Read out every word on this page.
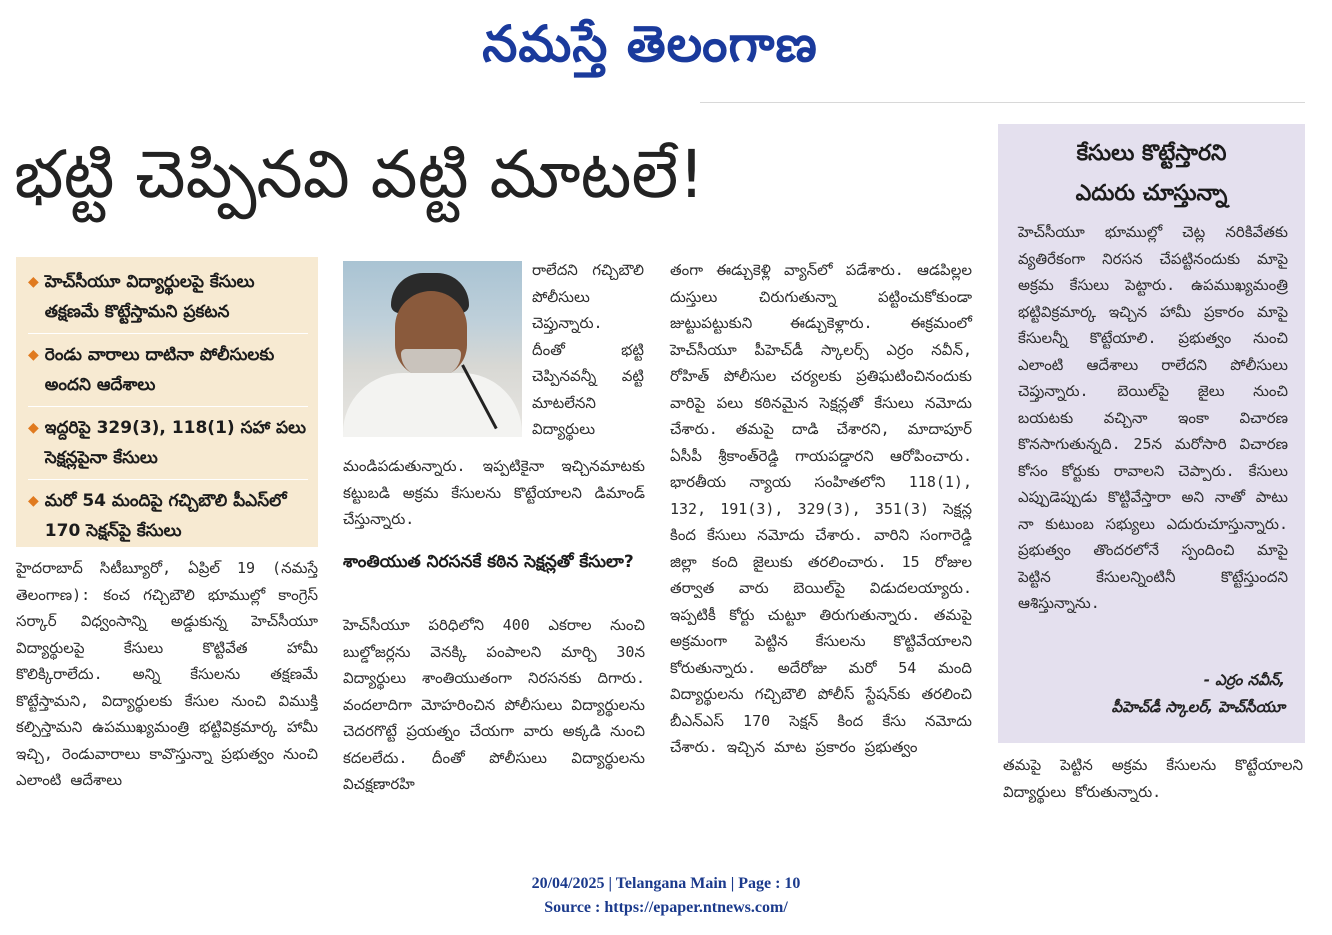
నమస్తే తెలంగాణ
భట్టి చెప్పినవి వట్టి మాటలే!
◆ హెచ్‌సీయూ విద్యార్థులపై కేసులు తక్షణమే కొట్టేస్తామని ప్రకటన
◆ రెండు వారాలు దాటినా పోలీసులకు అందని ఆదేశాలు
◆ ఇద్దరిపై 329(3), 118(1) సహా పలు సెక్షన్లపైనా కేసులు
◆ మరో 54 మందిపై గచ్చిబౌలి పీఎస్‌లో 170 సెక్షన్‌పై కేసులు

హైదరాబాద్ సిటీబ్యూరో, ఏప్రిల్ 19 (నమస్తే తెలంగాణ): కంచ గచ్చిబౌలి భూముల్లో కాంగ్రెస్ సర్కార్ విధ్వంసాన్ని అడ్డుకున్న హెచ్‌సీయూ విద్యార్థులపై కేసులు కొట్టివేత హామీ కొలిక్కిరాలేదు. అన్ని కేసులను తక్షణమే కొట్టేస్తామని, విద్యార్థులకు కేసుల నుంచి విముక్తి కల్పిస్తామని ఉపముఖ్యమంత్రి భట్టివిక్రమార్క హామీ ఇచ్చి, రెండువారాలు కావొస్తున్నా ప్రభుత్వం నుంచి ఎలాంటి ఆదేశాలు

రాలేదని గచ్చిబౌలి పోలీసులు చెప్తున్నారు. దీంతో భట్టి చెప్పినవన్నీ వట్టి మాటలేనని విద్యార్థులు

మండిపడుతున్నారు. ఇప్పటికైనా ఇచ్చినమాటకు కట్టుబడి అక్రమ కేసులను కొట్టేయాలని డిమాండ్ చేస్తున్నారు.

శాంతియుత నిరసనకే కఠిన సెక్షన్లతో కేసులా?

హెచ్‌సీయూ పరిధిలోని 400 ఎకరాల నుంచి బుల్డోజర్లను వెనక్కి పంపాలని మార్చి 30న విద్యార్థులు శాంతియుతంగా నిరసనకు దిగారు. వందలాదిగా మోహరించిన పోలీసులు విద్యార్థులను చెదరగొట్టే ప్రయత్నం చేయగా వారు అక్కడి నుంచి కదలలేదు. దీంతో పోలీసులు విద్యార్థులను విచక్షణారహి

తంగా ఈడ్చుకెళ్లి వ్యాన్‌లో పడేశారు. ఆడపిల్లల దుస్తులు చిరుగుతున్నా పట్టించుకోకుండా జుట్టుపట్టుకుని ఈడ్చుకెళ్లారు. ఈక్రమంలో హెచ్‌సీయూ పీహెచ్‌డీ స్కాలర్స్ ఎర్రం నవీన్, రోహిత్ పోలీసుల చర్యలకు ప్రతిఘటించినందుకు వారిపై పలు కఠినమైన సెక్షన్లతో కేసులు నమోదు చేశారు. తమపై దాడి చేశారని, మాదాపూర్ ఏసీపీ శ్రీకాంత్‌రెడ్డి గాయపడ్డారని ఆరోపించారు. భారతీయ న్యాయ సంహితలోని 118(1), 132, 191(3), 329(3), 351(3) సెక్షన్ల కింద కేసులు నమోదు చేశారు. వారిని సంగారెడ్డి జిల్లా కంది జైలుకు తరలించారు. 15 రోజుల తర్వాత వారు బెయిల్‌పై విడుదలయ్యారు. ఇప్పటికీ కోర్టు చుట్టూ తిరుగుతున్నారు. తమపై అక్రమంగా పెట్టిన కేసులను కొట్టివేయాలని కోరుతున్నారు. అదేరోజు మరో 54 మంది విద్యార్థులను గచ్చిబౌలి పోలీస్ స్టేషన్‌కు తరలించి బీఎన్ఎస్ 170 సెక్షన్ కింద కేసు నమోదు చేశారు. ఇచ్చిన మాట ప్రకారం ప్రభుత్వం

కేసులు కొట్టేస్తారని
ఎదురు చూస్తున్నా

హెచ్‌సీయూ భూముల్లో చెట్ల నరికివేతకు వ్యతిరేకంగా నిరసన చేపట్టినందుకు మాపై అక్రమ కేసులు పెట్టారు. ఉపముఖ్యమంత్రి భట్టివిక్రమార్క ఇచ్చిన హామీ ప్రకారం మాపై కేసులన్నీ కొట్టేయాలి. ప్రభుత్వం నుంచి ఎలాంటి ఆదేశాలు రాలేదని పోలీసులు చెప్తున్నారు. బెయిల్‌పై జైలు నుంచి బయటకు వచ్చినా ఇంకా విచారణ కొనసాగుతున్నది. 25న మరోసారి విచారణ కోసం కోర్టుకు రావాలని చెప్పారు. కేసులు ఎప్పుడెప్పుడు కొట్టివేస్తారా అని నాతో పాటు నా కుటుంబ సభ్యులు ఎదురుచూస్తున్నారు. ప్రభుత్వం తొందరలోనే స్పందించి మాపై పెట్టిన కేసులన్నింటినీ కొట్టేస్తుందని ఆశిస్తున్నాను.

- ఎర్రం నవీన్,
పీహెచ్‌డీ స్కాలర్, హెచ్‌సీయూ

తమపై పెట్టిన అక్రమ కేసులను కొట్టేయాలని విద్యార్థులు కోరుతున్నారు.

20/04/2025 | Telangana Main | Page : 10
Source : https://epaper.ntnews.com/
